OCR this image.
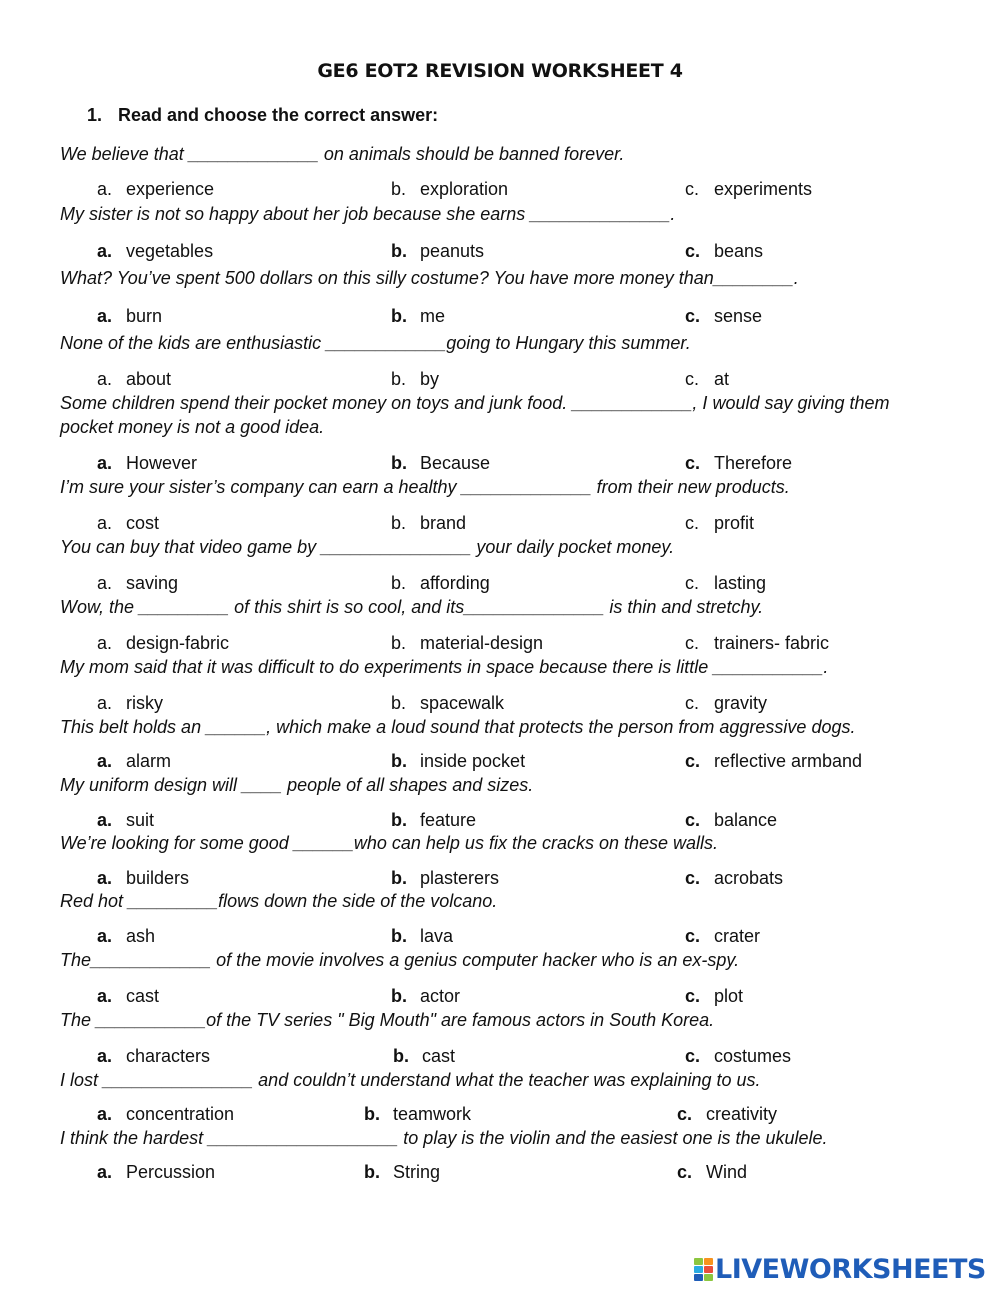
GE6 EOT2 REVISION WORKSHEET 4
1. Read and choose the correct answer:
We believe that _____________ on animals should be banned forever.
a. experience	b. exploration	c. experiments
My sister is not so happy about her job because she earns ______________.
a. vegetables	b. peanuts	c. beans
What? You’ve spent 500 dollars on this silly costume? You have more money than________.
a. burn	b. me	c. sense
None of the kids are enthusiastic ____________going to Hungary this summer.
a. about	b. by	c. at
Some children spend their pocket money on toys and junk food. ____________, I would say giving them pocket money is not a good idea.
a. However	b. Because	c. Therefore
I’m sure your sister’s company can earn a healthy _____________ from their new products.
a. cost	b. brand	c. profit
You can buy that video game by _______________ your daily pocket money.
a. saving	b. affording	c. lasting
Wow, the _________ of this shirt is so cool, and its______________ is thin and stretchy.
a. design-fabric	b. material-design	c. trainers- fabric
My mom said that it was difficult to do experiments in space because there is little ___________.
a. risky	b. spacewalk	c. gravity
This belt holds an ______, which make a loud sound that protects the person from aggressive dogs.
a. alarm	b. inside pocket	c. reflective armband
My uniform design will ____ people of all shapes and sizes.
a. suit	b. feature	c. balance
We’re looking for some good ______who can help us fix the cracks on these walls.
a. builders	b. plasterers	c. acrobats
Red hot _________flows down the side of the volcano.
a. ash	b. lava	c. crater
The____________ of the movie involves a genius computer hacker who is an ex-spy.
a. cast	b. actor	c. plot
The ___________of the TV series " Big Mouth" are famous actors in South Korea.
a. characters	b. cast	c. costumes
I lost _______________ and couldn’t understand what the teacher was explaining to us.
a. concentration	b. teamwork	c. creativity
I think the hardest ___________________ to play is the violin and the easiest one is the ukulele.
a. Percussion	b. String	c. Wind
LIVEWORKSHEETS
